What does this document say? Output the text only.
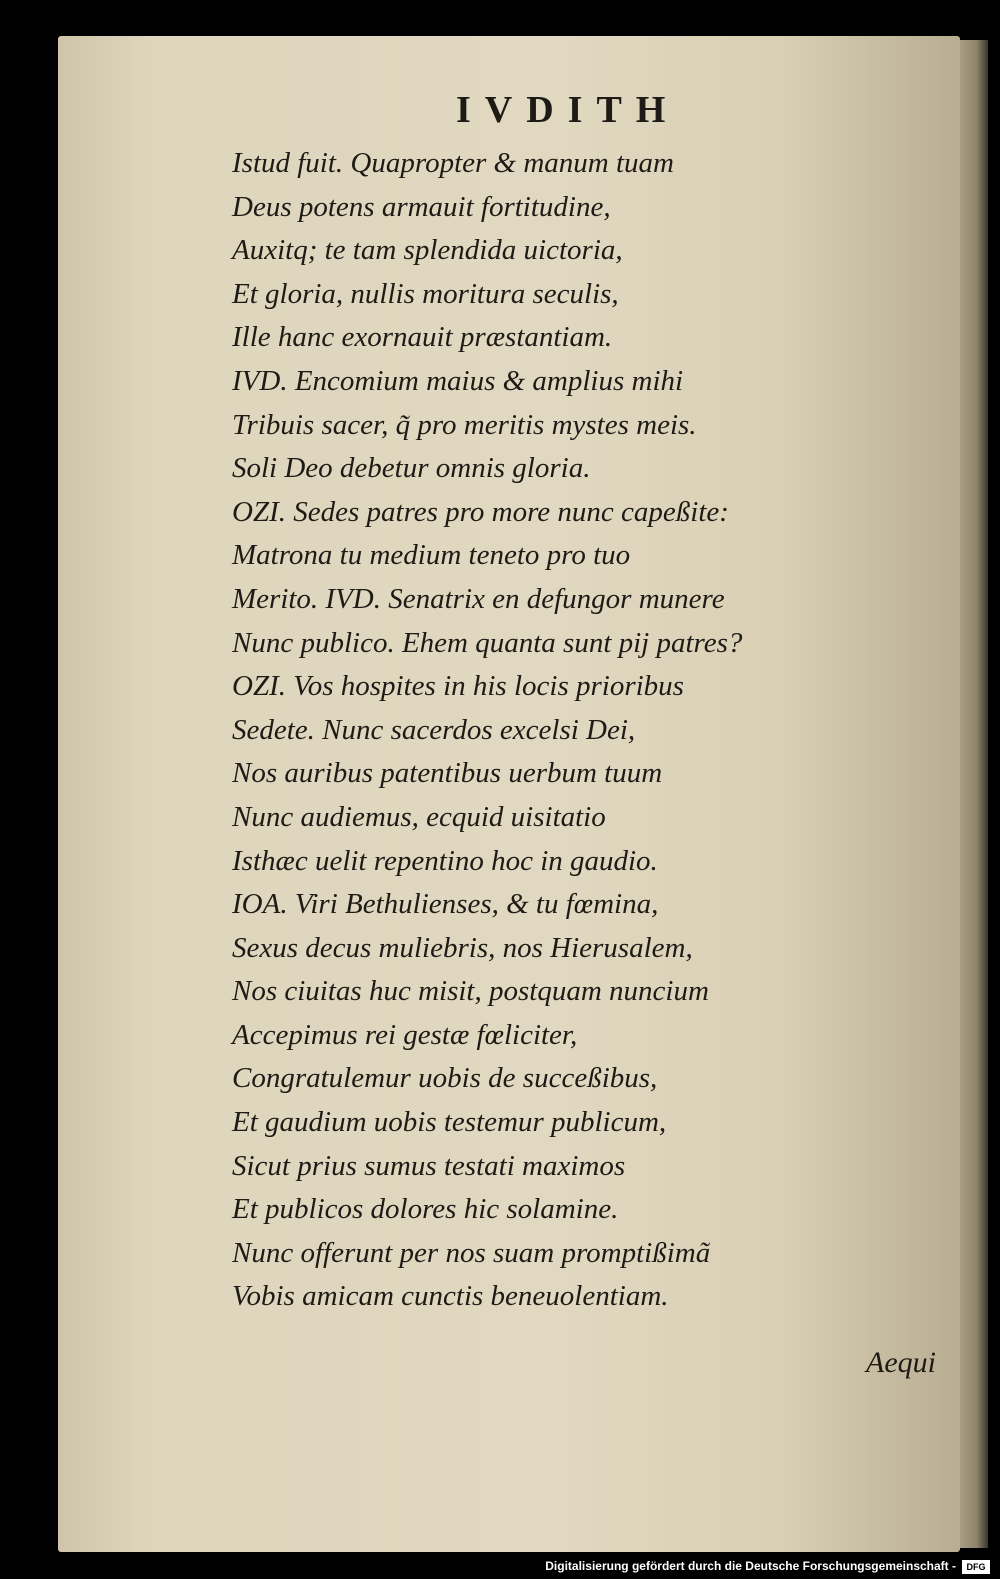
IVDITH
Istud fuit. Quapropter & manum tuam
Deus potens armauit fortitudine,
Auxitq; te tam splendida uictoria,
Et gloria, nullis moritura seculis,
Ille hanc exornauit præstantiam.
IVD. Encomium maius & amplius mihi
Tribuis sacer, q̃ pro meritis mystes meis.
Soli Deo debetur omnis gloria.
OZI. Sedes patres pro more nunc capeßite:
Matrona tu medium teneto pro tuo
Merito. IVD. Senatrix en defungor munere
Nunc publico. Ehem quanta sunt pij patres?
OZI. Vos hospites in his locis prioribus
Sedete. Nunc sacerdos excelsi Dei,
Nos auribus patentibus uerbum tuum
Nunc audiemus, ecquid uisitatio
Isthæc uelit repentino hoc in gaudio.
IOA. Viri Bethulienses, & tu fœmina,
Sexus decus muliebris, nos Hierusalem,
Nos ciuitas huc misit, postquam nuncium
Accepimus rei gestæ fœliciter,
Congratulemur uobis de succeßibus,
Et gaudium uobis testemur publicum,
Sicut prius sumus testati maximos
Et publicos dolores hic solamine.
Nunc offerunt per nos suam promptißimã
Vobis amicam cunctis beneuolentiam.
Aequi
Digitalisierung gefördert durch die Deutsche Forschungsgemeinschaft -	DFG
